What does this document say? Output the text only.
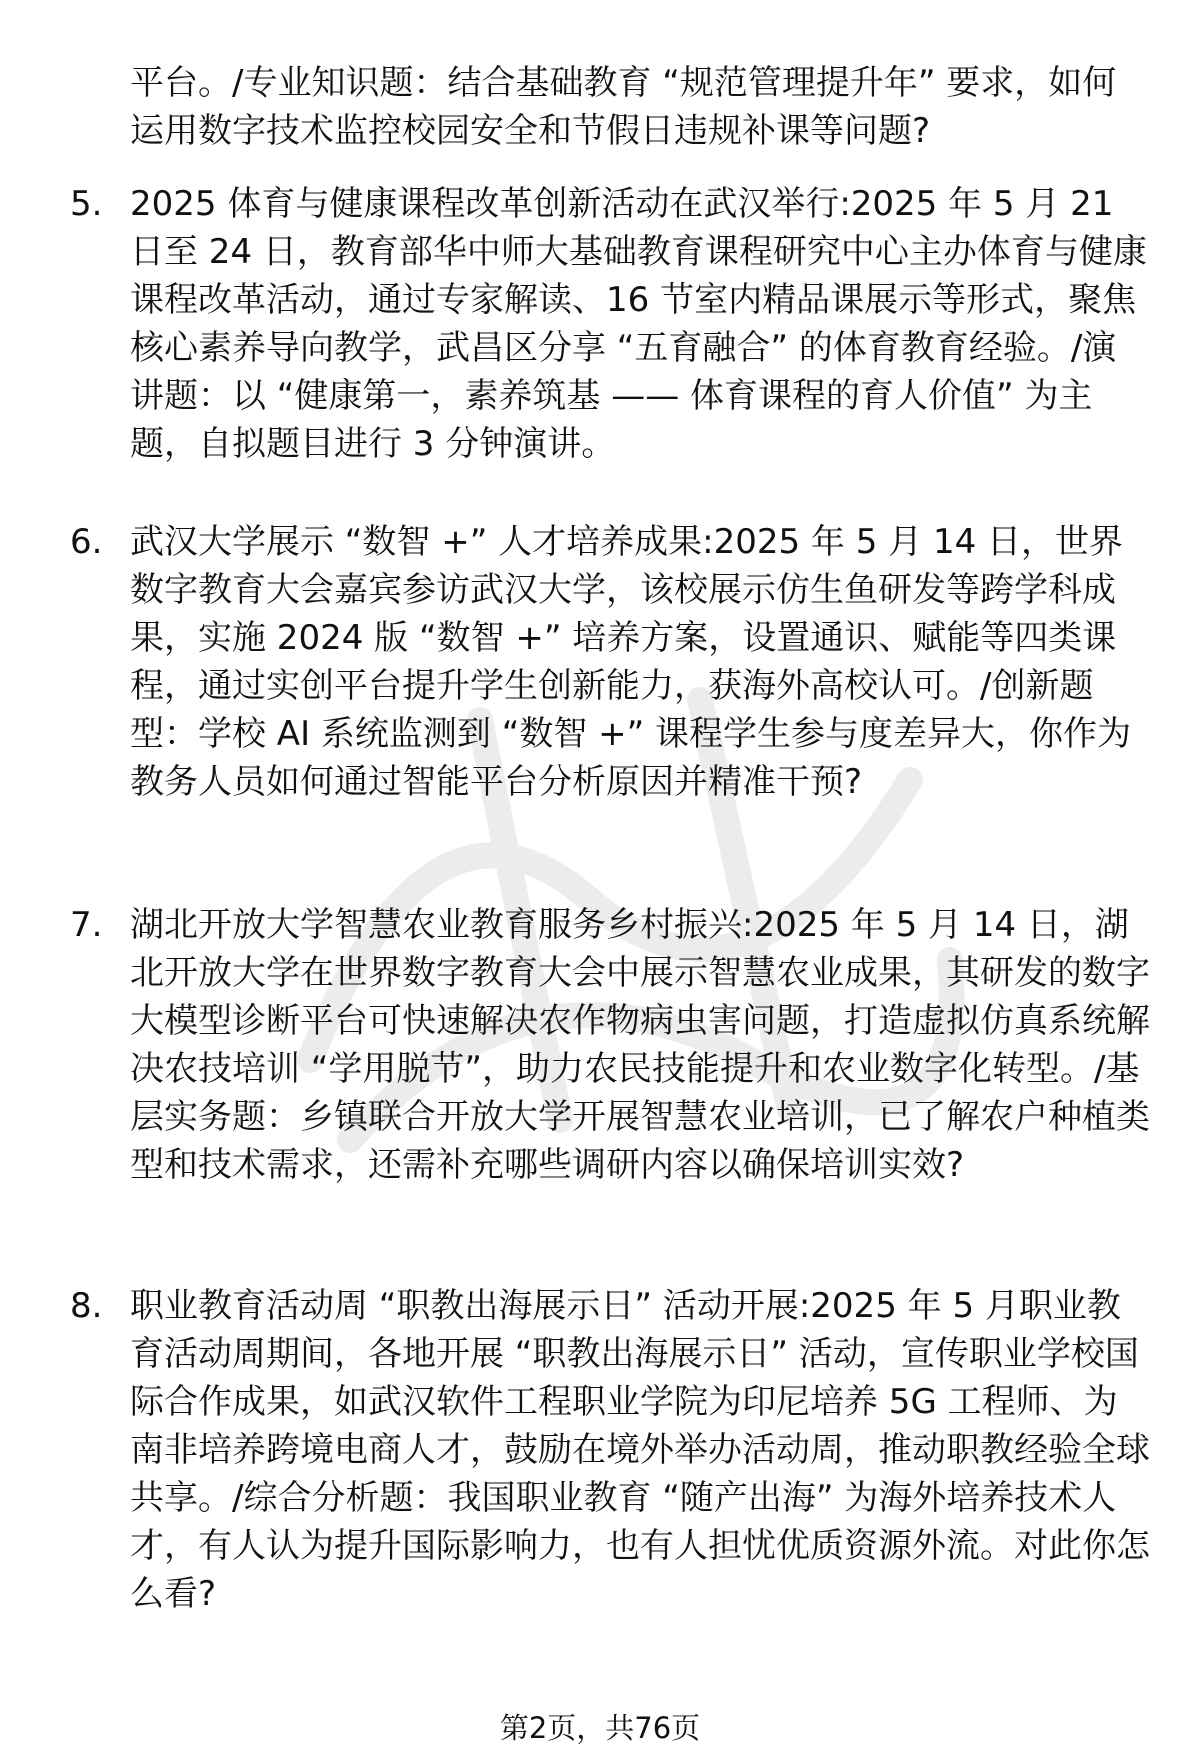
平台。/专业知识题：结合基础教育 “规范管理提升年” 要求，如何运用数字技术监控校园安全和节假日违规补课等问题?
5. 2025 体育与健康课程改革创新活动在武汉举行:2025 年 5 月 21 日至 24 日，教育部华中师大基础教育课程研究中心主办体育与健康课程改革活动，通过专家解读、16 节室内精品课展示等形式，聚焦核心素养导向教学，武昌区分享 “五育融合” 的体育教育经验。/演讲题：以 “健康第一，素养筑基 —— 体育课程的育人价值” 为主题，自拟题目进行 3 分钟演讲。
6. 武汉大学展示 “数智 +” 人才培养成果:2025 年 5 月 14 日，世界数字教育大会嘉宾参访武汉大学，该校展示仿生鱼研发等跨学科成果，实施 2024 版 “数智 +” 培养方案，设置通识、赋能等四类课程，通过实创平台提升学生创新能力，获海外高校认可。/创新题型：学校 AI 系统监测到 “数智 +” 课程学生参与度差异大，你作为教务人员如何通过智能平台分析原因并精准干预?
7. 湖北开放大学智慧农业教育服务乡村振兴:2025 年 5 月 14 日，湖北开放大学在世界数字教育大会中展示智慧农业成果，其研发的数字大模型诊断平台可快速解决农作物病虫害问题，打造虚拟仿真系统解决农技培训 “学用脱节”，助力农民技能提升和农业数字化转型。/基层实务题：乡镇联合开放大学开展智慧农业培训，已了解农户种植类型和技术需求，还需补充哪些调研内容以确保培训实效?
8. 职业教育活动周 “职教出海展示日” 活动开展:2025 年 5 月职业教育活动周期间，各地开展 “职教出海展示日” 活动，宣传职业学校国际合作成果，如武汉软件工程职业学院为印尼培养 5G 工程师、为南非培养跨境电商人才，鼓励在境外举办活动周，推动职教经验全球共享。/综合分析题：我国职业教育 “随产出海” 为海外培养技术人才，有人认为提升国际影响力，也有人担忧优质资源外流。对此你怎么看?
第2页，共76页
